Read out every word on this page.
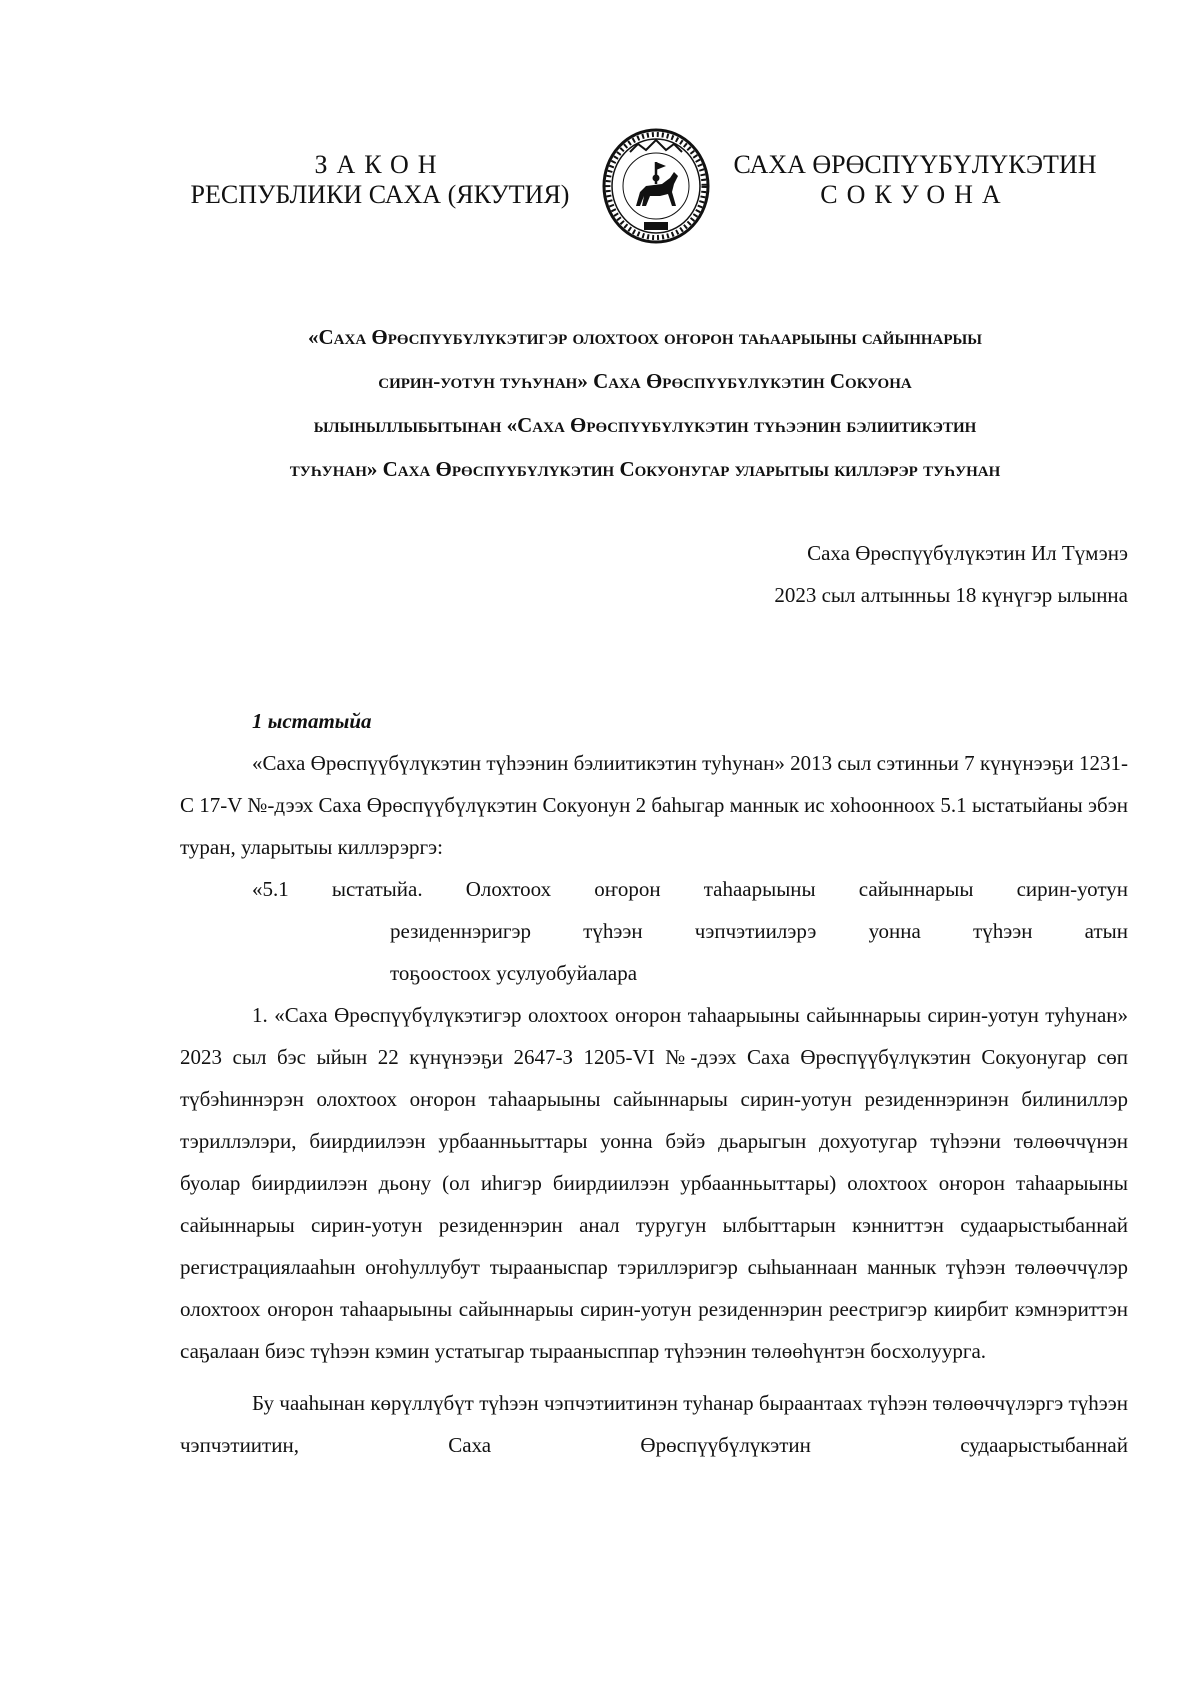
ЗАКОН
РЕСПУБЛИКИ САХА (ЯКУТИЯ)
САХА ӨРӨСПҮҮБҮЛҮКЭТИН
СОКУОНА
«Саха Өрөспүүбүлүкэтигэр олохтоох оҥорон таһаарыыны сайыннарыы
сирин-уотун туһунан» Саха Өрөспүүбүлүкэтин Сокуона
ылыныллыбытынан «Саха Өрөспүүбүлүкэтин түһээнин бэлиитикэтин
туһунан» Саха Өрөспүүбүлүкэтин Сокуонугар уларытыы киллэрэр туһунан
Саха Өрөспүүбүлүкэтин Ил Түмэнэ
2023 сыл алтынньы 18 күнүгэр ылынна
1 ыстатыйа

«Саха Өрөспүүбүлүкэтин түһээнин бэлиитикэтин туһунан» 2013 сыл сэтинньи 7 күнүнээҕи 1231-С 17-V №-дээх Саха Өрөспүүбүлүкэтин Сокуонун 2 баһыгар маннык ис хоһоонноох 5.1 ыстатыйаны эбэн туран, уларытыы киллэрэргэ:

«5.1 ыстатыйа. Олохтоох оҥорон таһаарыыны сайыннарыы сирин-уотун
резиденнэригэр түһээн чэпчэтиилэрэ уонна түһээн атын
тоҕоостоох усулуобуйалара

1. «Саха Өрөспүүбүлүкэтигэр олохтоох оҥорон таһаарыыны сайыннарыы сирин-уотун туһунан» 2023 сыл бэс ыйын 22 күнүнээҕи 2647-З 1205-VI №-дээх Саха Өрөспүүбүлүкэтин Сокуонугар сөп түбэһиннэрэн олохтоох оҥорон таһаарыыны сайыннарыы сирин-уотун резиденнэринэн билиниллэр тэриллэлэри, биирдиилээн урбаанньыттары уонна бэйэ дьарыгын дохуотугар түһээни төлөөччүнэн буолар биирдиилээн дьону (ол иһигэр биирдиилээн урбаанньыттары) олохтоох оҥорон таһаарыыны сайыннарыы сирин-уотун резиденнэрин анал туругун ылбыттарын кэнниттэн судаарыстыбаннай регистрациялааһын оҥоһуллубут тырааныспар тэриллэригэр сыһыаннаан маннык түһээн төлөөччүлэр олохтоох оҥорон таһаарыыны сайыннарыы сирин-уотун резиденнэрин реестригэр киирбит кэмнэриттэн саҕалаан биэс түһээн кэмин устатыгар тыраанысппар түһээнин төлөөһүнтэн босхолуурга.

Бу чааһынан көрүллүбүт түһээн чэпчэтиитинэн туһанар быраантаах түһээн төлөөччүлэргэ түһээн чэпчэтиитин, Саха Өрөспүүбүлүкэтин судаарыстыбаннай
